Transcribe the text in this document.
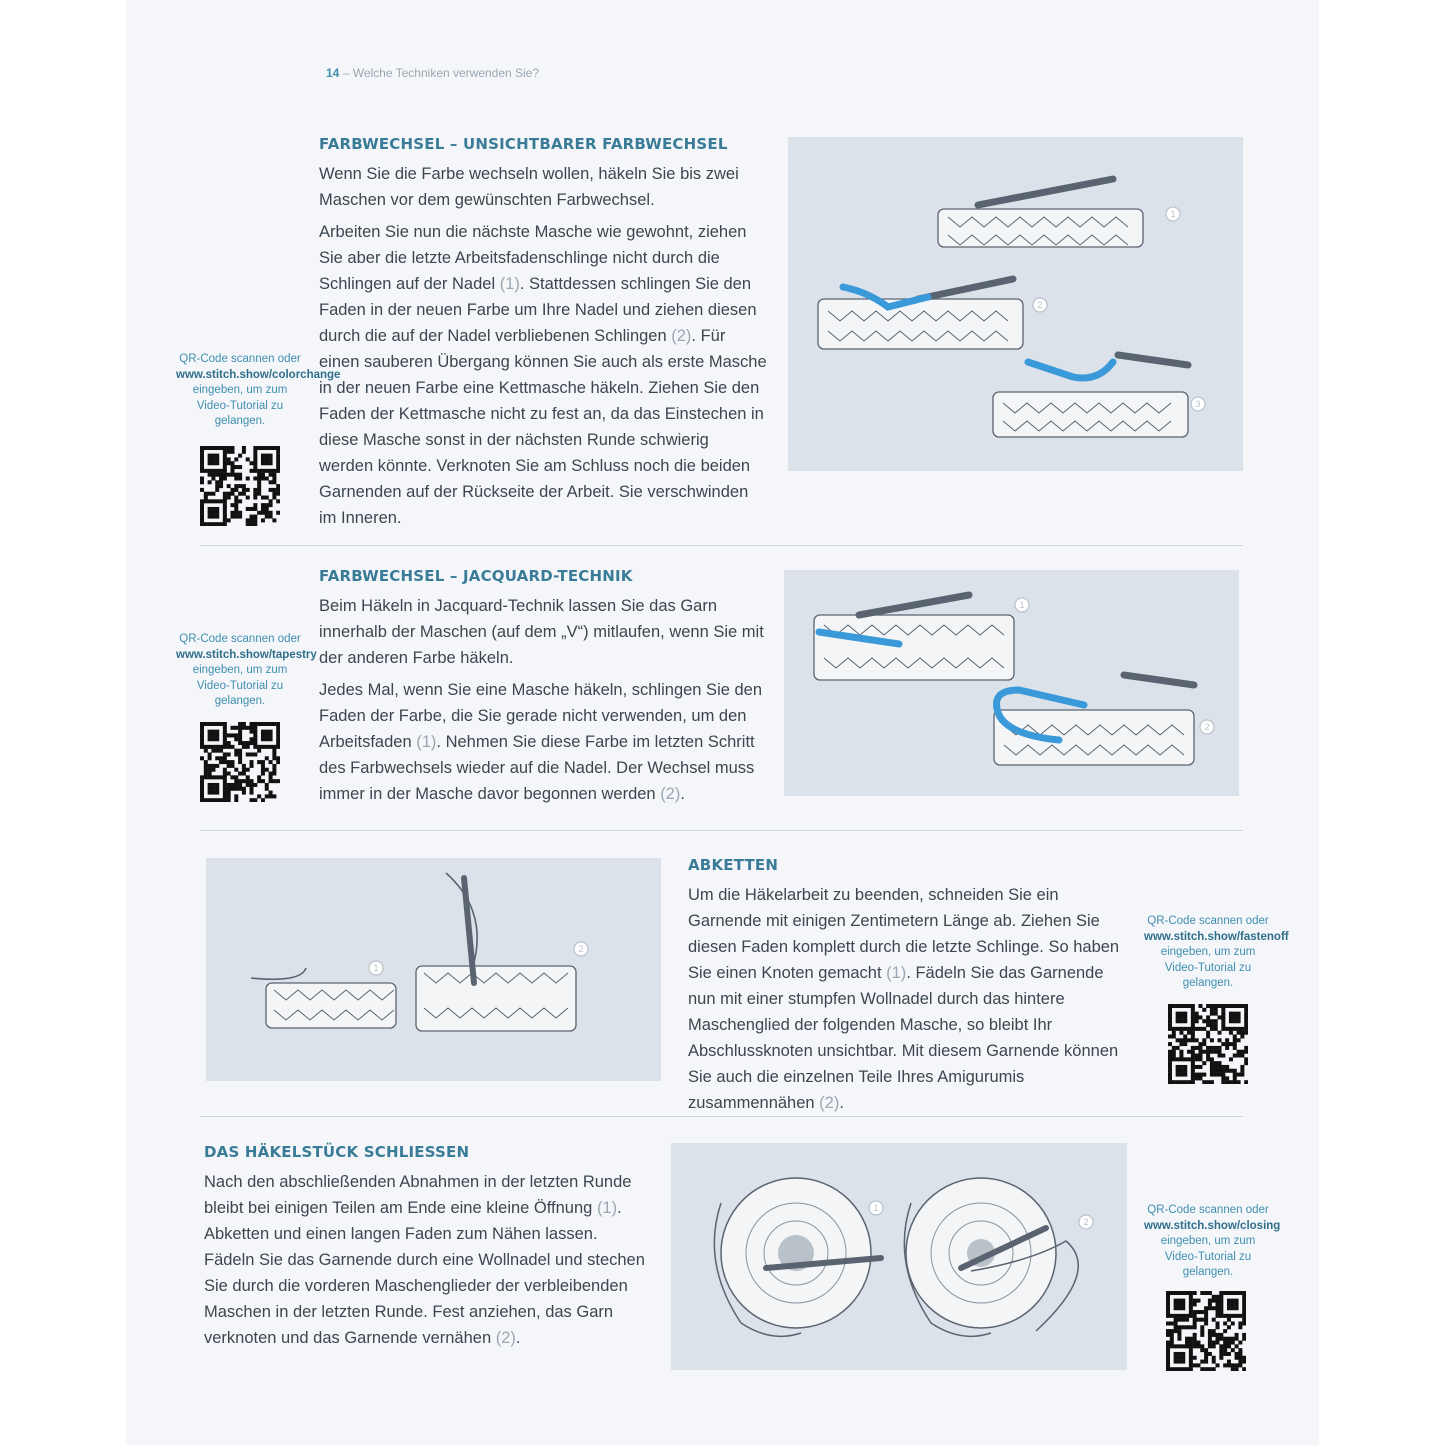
14 – Welche Techniken verwenden Sie?
FARBWECHSEL – UNSICHTBARER FARBWECHSEL

Wenn Sie die Farbe wechseln wollen, häkeln Sie bis zwei Maschen vor dem gewünschten Farbwechsel.

Arbeiten Sie nun die nächste Masche wie gewohnt, ziehen Sie aber die letzte Arbeitsfadenschlinge nicht durch die Schlingen auf der Nadel (1). Stattdessen schlingen Sie den Faden in der neuen Farbe um Ihre Nadel und ziehen diesen durch die auf der Nadel verbliebenen Schlingen (2). Für einen sauberen Übergang können Sie auch als erste Masche in der neuen Farbe eine Kettmasche häkeln. Ziehen Sie den Faden der Kettmasche nicht zu fest an, da das Einstechen in diese Masche sonst in der nächsten Runde schwierig werden könnte. Verknoten Sie am Schluss noch die beiden Garnenden auf der Rückseite der Arbeit. Sie verschwinden im Inneren.

QR-Code scannen oder
www.stitch.show/colorchange eingeben, um zum Video-Tutorial zu gelangen.
1
2
3
FARBWECHSEL – JACQUARD-TECHNIK

Beim Häkeln in Jacquard-Technik lassen Sie das Garn innerhalb der Maschen (auf dem „V“) mitlaufen, wenn Sie mit der anderen Farbe häkeln.

Jedes Mal, wenn Sie eine Masche häkeln, schlingen Sie den Faden der Farbe, die Sie gerade nicht verwenden, um den Arbeitsfaden (1). Nehmen Sie diese Farbe im letzten Schritt des Farbwechsels wieder auf die Nadel. Der Wechsel muss immer in der Masche davor begonnen werden (2).

QR-Code scannen oder
www.stitch.show/tapestry eingeben, um zum Video-Tutorial zu gelangen.
1
2
1
2
ABKETTEN

Um die Häkelarbeit zu beenden, schneiden Sie ein Garnende mit einigen Zentimetern Länge ab. Ziehen Sie diesen Faden komplett durch die letzte Schlinge. So haben Sie einen Knoten gemacht (1). Fädeln Sie das Garnende nun mit einer stumpfen Wollnadel durch das hintere Maschenglied der folgenden Masche, so bleibt Ihr Abschlussknoten unsichtbar. Mit diesem Garnende können Sie auch die einzelnen Teile Ihres Amigurumis zusammennähen (2).

QR-Code scannen oder
www.stitch.show/fastenoff eingeben, um zum Video-Tutorial zu gelangen.
DAS HÄKELSTÜCK SCHLIESSEN

Nach den abschließenden Abnahmen in der letzten Runde bleibt bei einigen Teilen am Ende eine kleine Öffnung (1). Abketten und einen langen Faden zum Nähen lassen. Fädeln Sie das Garnende durch eine Wollnadel und stechen Sie durch die vorderen Maschenglieder der verbleibenden Maschen in der letzten Runde. Fest anziehen, das Garn verknoten und das Garnende vernähen (2).

1
2
QR-Code scannen oder
www.stitch.show/closing eingeben, um zum Video-Tutorial zu gelangen.
